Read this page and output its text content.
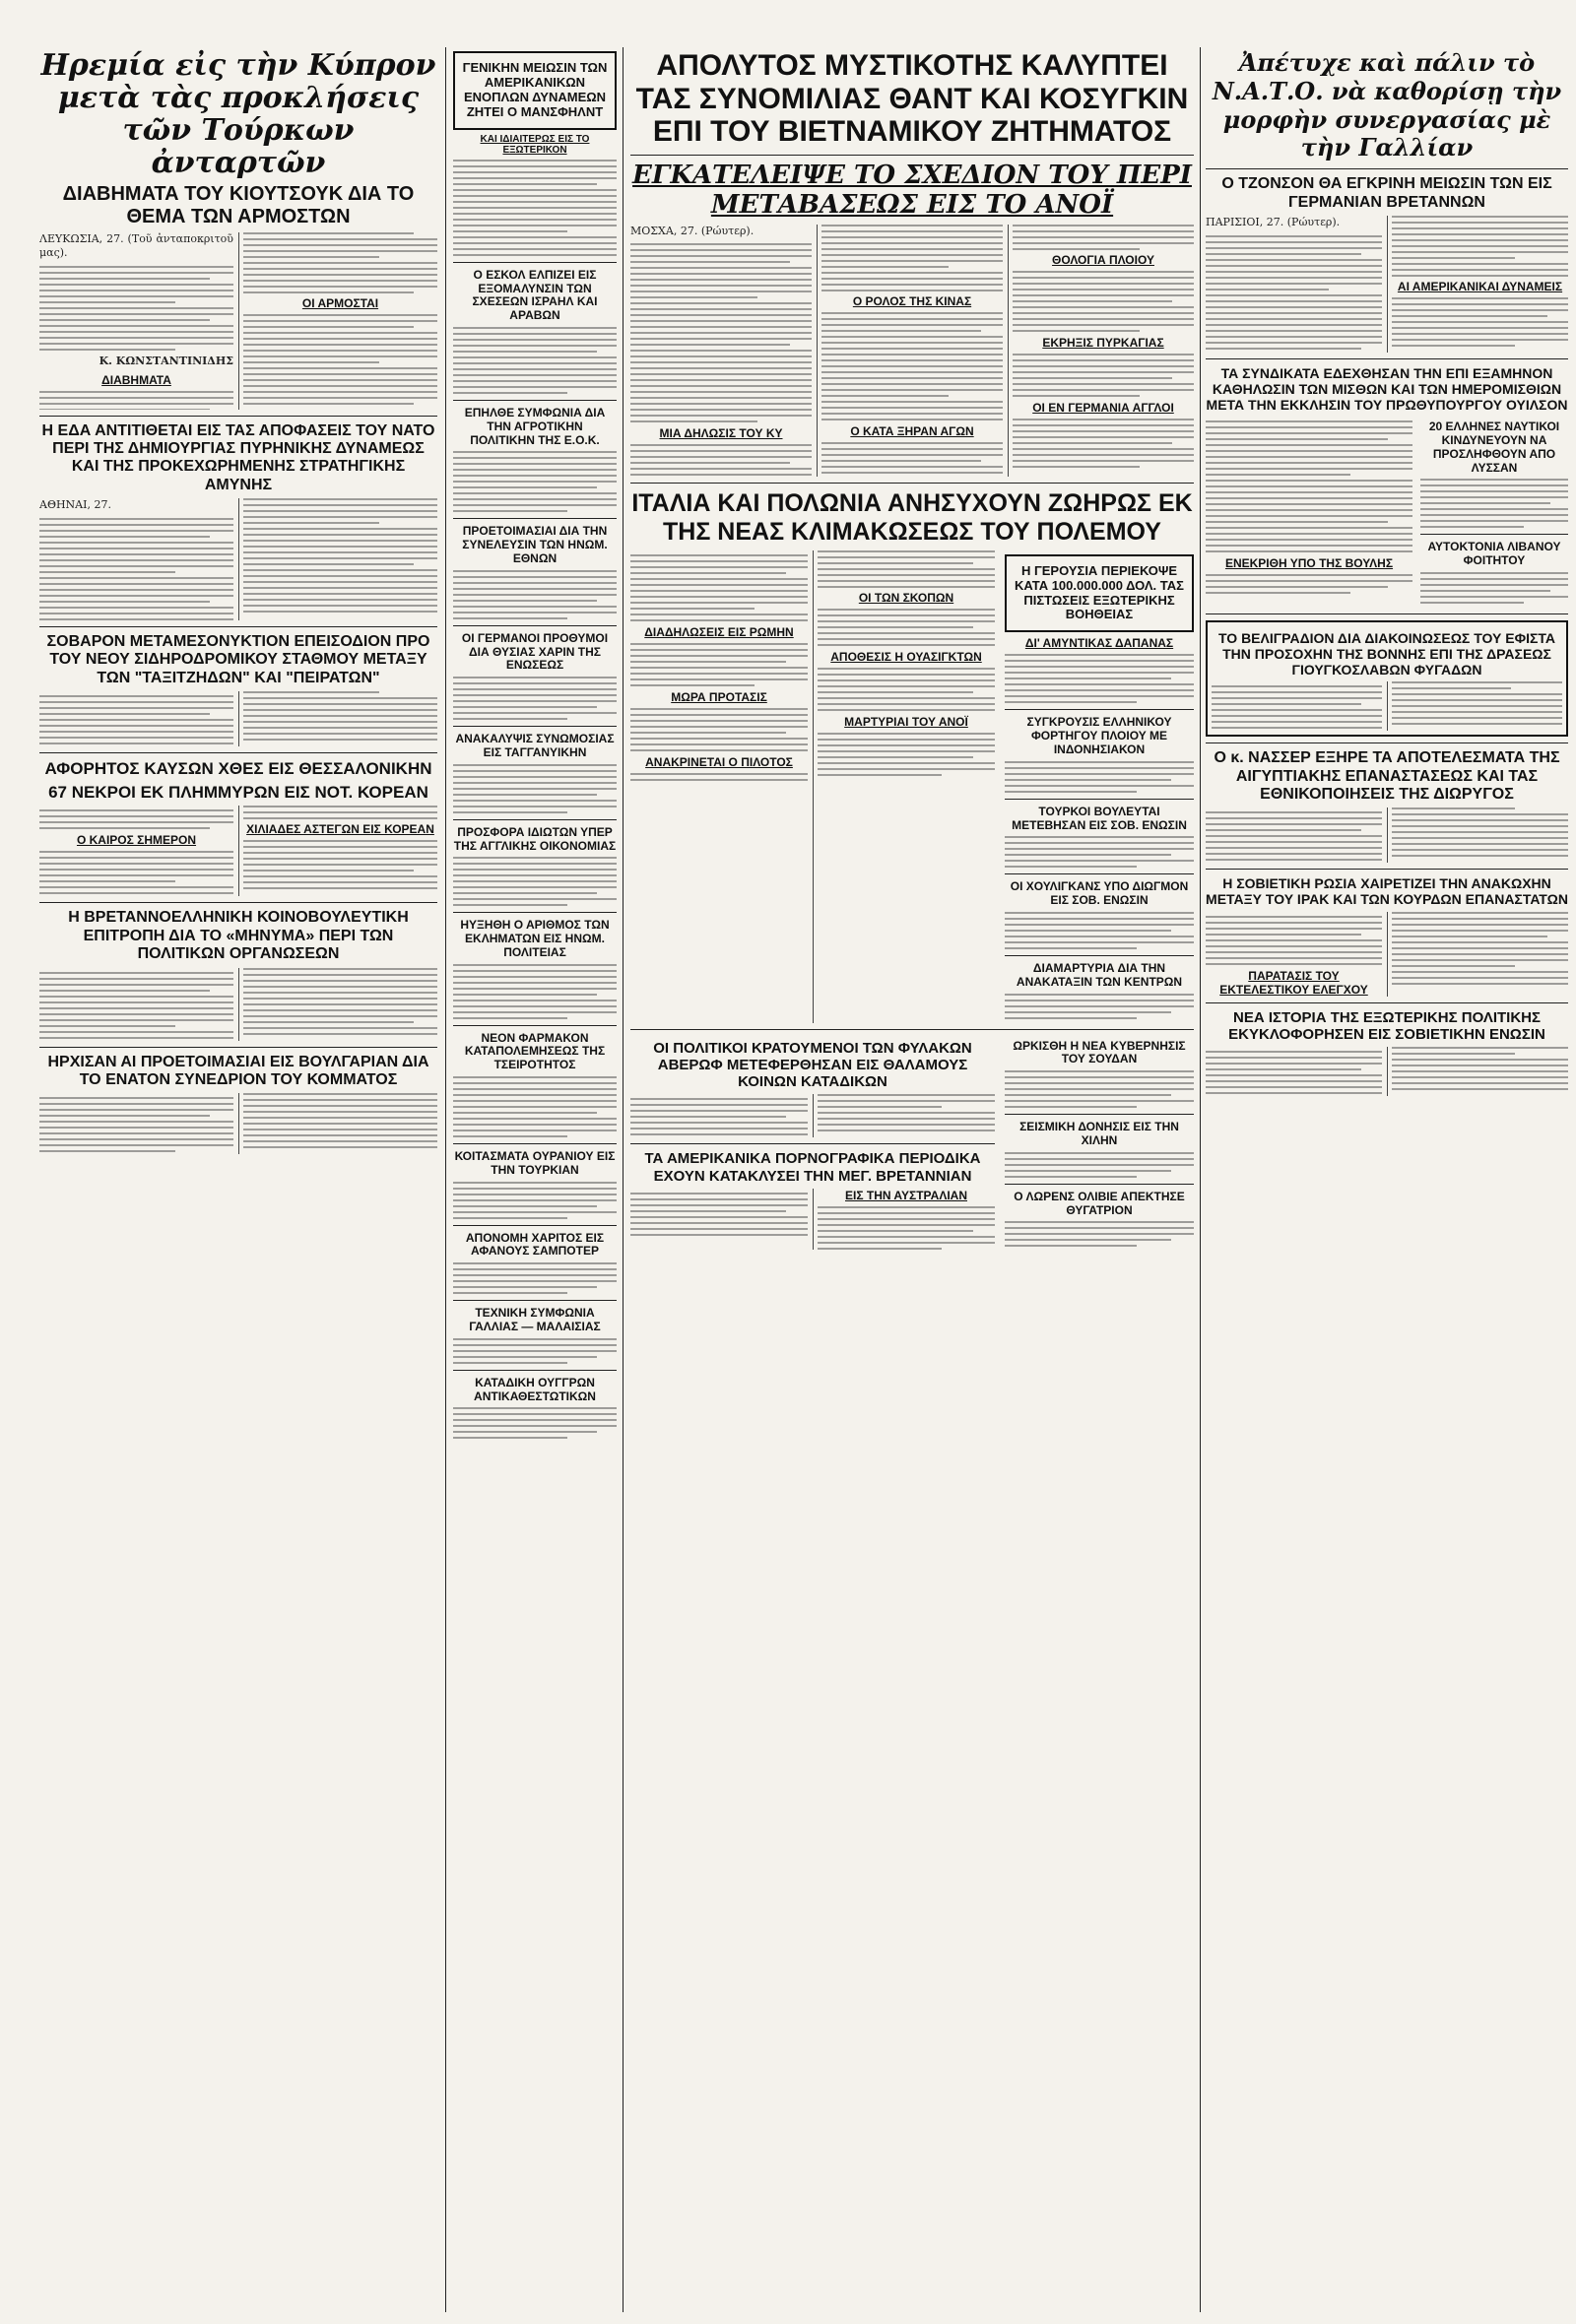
Ηρεμία εἰς τὴν Κύπρον μετὰ τὰς προκλήσεις τῶν Τούρκων ἀνταρτῶν
ΔΙΑΒΗΜΑΤΑ ΤΟΥ ΚΙΟΥΤΣΟΥΚ ΔΙΑ ΤΟ ΘΕΜΑ ΤΩΝ ΑΡΜΟΣΤΩΝ
ΛΕΥΚΩΣΙΑ, 27. (Τοῦ ἀνταποκριτοῦ μας).
Κ. ΚΩΝΣΤΑΝΤΙΝΙΔΗΣ
ΔΙΑΒΗΜΑΤΑ
ΟΙ ΑΡΜΟΣΤΑΙ
Η ΕΔΑ ΑΝΤΙΤΙΘΕΤΑΙ ΕΙΣ ΤΑΣ ΑΠΟΦΑΣΕΙΣ ΤΟΥ ΝΑΤΟ ΠΕΡΙ ΤΗΣ ΔΗΜΙΟΥΡΓΙΑΣ ΠΥΡΗΝΙΚΗΣ ΔΥΝΑΜΕΩΣ ΚΑΙ ΤΗΣ ΠΡΟΚΕΧΩΡΗΜΕΝΗΣ ΣΤΡΑΤΗΓΙΚΗΣ ΑΜΥΝΗΣ
ΑΘΗΝΑΙ, 27.
ΣΟΒΑΡΟΝ ΜΕΤΑΜΕΣΟΝΥΚΤΙΟΝ ΕΠΕΙΣΟΔΙΟΝ ΠΡΟ ΤΟΥ ΝΕΟΥ ΣΙΔΗΡΟΔΡΟΜΙΚΟΥ ΣΤΑΘΜΟΥ ΜΕΤΑΞΥ ΤΩΝ "ΤΑΞΙΤΖΗΔΩΝ" ΚΑΙ "ΠΕΙΡΑΤΩΝ"
ΑΦΟΡΗΤΟΣ ΚΑΥΣΩΝ ΧΘΕΣ ΕΙΣ ΘΕΣΣΑΛΟΝΙΚΗΝ
67 ΝΕΚΡΟΙ ΕΚ ΠΛΗΜΜΥΡΩΝ ΕΙΣ ΝΟΤ. ΚΟΡΕΑΝ
Ο ΚΑΙΡΟΣ ΣΗΜΕΡΟΝ
ΧΙΛΙΑΔΕΣ ΑΣΤΕΓΩΝ ΕΙΣ ΚΟΡΕΑΝ
Η ΒΡΕΤΑΝΝΟΕΛΛΗΝΙΚΗ ΚΟΙΝΟΒΟΥΛΕΥΤΙΚΗ ΕΠΙΤΡΟΠΗ ΔΙΑ ΤΟ «ΜΗΝΥΜΑ» ΠΕΡΙ ΤΩΝ ΠΟΛΙΤΙΚΩΝ ΟΡΓΑΝΩΣΕΩΝ
ΗΡΧΙΣΑΝ ΑΙ ΠΡΟΕΤΟΙΜΑΣΙΑΙ ΕΙΣ ΒΟΥΛΓΑΡΙΑΝ ΔΙΑ ΤΟ ΕΝΑΤΟΝ ΣΥΝΕΔΡΙΟΝ ΤΟΥ ΚΟΜΜΑΤΟΣ
ΓΕΝΙΚΗΝ ΜΕΙΩΣΙΝ ΤΩΝ ΑΜΕΡΙΚΑΝΙΚΩΝ ΕΝΟΠΛΩΝ ΔΥΝΑΜΕΩΝ ΖΗΤΕΙ Ο ΜΑΝΣΦΗΛΝΤ
ΚΑΙ ΙΔΙΑΙΤΕΡΩΣ ΕΙΣ ΤΟ ΕΞΩΤΕΡΙΚΟΝ
Ο ΕΣΚΟΛ ΕΛΠΙΖΕΙ ΕΙΣ ΕΞΟΜΑΛΥΝΣΙΝ ΤΩΝ ΣΧΕΣΕΩΝ ΙΣΡΑΗΛ ΚΑΙ ΑΡΑΒΩΝ
ΕΠΗΛΘΕ ΣΥΜΦΩΝΙΑ ΔΙΑ ΤΗΝ ΑΓΡΟΤΙΚΗΝ ΠΟΛΙΤΙΚΗΝ ΤΗΣ Ε.Ο.Κ.
ΠΡΟΕΤΟΙΜΑΣΙΑΙ ΔΙΑ ΤΗΝ ΣΥΝΕΛΕΥΣΙΝ ΤΩΝ ΗΝΩΜ. ΕΘΝΩΝ
ΟΙ ΓΕΡΜΑΝΟΙ ΠΡΟΘΥΜΟΙ ΔΙΑ ΘΥΣΙΑΣ ΧΑΡΙΝ ΤΗΣ ΕΝΩΣΕΩΣ
ΑΝΑΚΑΛΥΨΙΣ ΣΥΝΩΜΟΣΙΑΣ ΕΙΣ ΤΑΓΓΑΝΥΙΚΗΝ
ΠΡΟΣΦΟΡΑ ΙΔΙΩΤΩΝ ΥΠΕΡ ΤΗΣ ΑΓΓΛΙΚΗΣ ΟΙΚΟΝΟΜΙΑΣ
ΗΥΞΗΘΗ Ο ΑΡΙΘΜΟΣ ΤΩΝ ΕΚΛΗΜΑΤΩΝ ΕΙΣ ΗΝΩΜ. ΠΟΛΙΤΕΙΑΣ
ΝΕΟΝ ΦΑΡΜΑΚΟΝ ΚΑΤΑΠΟΛΕΜΗΣΕΩΣ ΤΗΣ ΤΣΕΙΡΟΤΗΤΟΣ
ΚΟΙΤΑΣΜΑΤΑ ΟΥΡΑΝΙΟΥ ΕΙΣ ΤΗΝ ΤΟΥΡΚΙΑΝ
ΑΠΟΝΟΜΗ ΧΑΡΙΤΟΣ ΕΙΣ ΑΦΑΝΟΥΣ ΣΑΜΠΟΤΕΡ
ΤΕΧΝΙΚΗ ΣΥΜΦΩΝΙΑ ΓΑΛΛΙΑΣ — ΜΑΛΑΙΣΙΑΣ
ΚΑΤΑΔΙΚΗ ΟΥΓΓΡΩΝ ΑΝΤΙΚΑΘΕΣΤΩΤΙΚΩΝ
ΑΠΟΛΥΤΟΣ ΜΥΣΤΙΚΟΤΗΣ ΚΑΛΥΠΤΕΙ ΤΑΣ ΣΥΝΟΜΙΛΙΑΣ ΘΑΝΤ ΚΑΙ ΚΟΣΥΓΚΙΝ ΕΠΙ ΤΟΥ ΒΙΕΤΝΑΜΙΚΟΥ ΖΗΤΗΜΑΤΟΣ
ΕΓΚΑΤΕΛΕΙΨΕ ΤΟ ΣΧΕΔΙΟΝ ΤΟΥ ΠΕΡΙ ΜΕΤΑΒΑΣΕΩΣ ΕΙΣ ΤΟ ΑΝΟΪ
ΜΟΣΧΑ, 27. (Ρώυτερ).
ΜΙΑ ΔΗΛΩΣΙΣ ΤΟΥ ΚΥ
Ο ΡΟΛΟΣ ΤΗΣ ΚΙΝΑΣ
Ο ΚΑΤΑ ΞΗΡΑΝ ΑΓΩΝ
ΘΟΛΟΓΙΑ ΠΛΟΙΟΥ
ΕΚΡΗΞΙΣ ΠΥΡΚΑΓΙΑΣ
ΟΙ ΕΝ ΓΕΡΜΑΝΙΑ ΑΓΓΛΟΙ
ΙΤΑΛΙΑ ΚΑΙ ΠΟΛΩΝΙΑ ΑΝΗΣΥΧΟΥΝ ΖΩΗΡΩΣ ΕΚ ΤΗΣ ΝΕΑΣ ΚΛΙΜΑΚΩΣΕΩΣ ΤΟΥ ΠΟΛΕΜΟΥ
ΔΙΑΔΗΛΩΣΕΙΣ ΕΙΣ ΡΩΜΗΝ
ΜΩΡΑ ΠΡΟΤΑΣΙΣ
ΑΝΑΚΡΙΝΕΤΑΙ Ο ΠΙΛΟΤΟΣ
ΟΙ ΤΩΝ ΣΚΟΠΩΝ
ΑΠΟΘΕΣΙΣ Η ΟΥΑΣΙΓΚΤΩΝ
ΜΑΡΤΥΡΙΑΙ ΤΟΥ ΑΝΟΪ
Η ΓΕΡΟΥΣΙΑ ΠΕΡΙΕΚΟΨΕ ΚΑΤΑ 100.000.000 ΔΟΛ. ΤΑΣ ΠΙΣΤΩΣΕΙΣ ΕΞΩΤΕΡΙΚΗΣ ΒΟΗΘΕΙΑΣ
ΔΙ' ΑΜΥΝΤΙΚΑΣ ΔΑΠΑΝΑΣ
ΣΥΓΚΡΟΥΣΙΣ ΕΛΛΗΝΙΚΟΥ ΦΟΡΤΗΓΟΥ ΠΛΟΙΟΥ ΜΕ ΙΝΔΟΝΗΣΙΑΚΟΝ
ΤΟΥΡΚΟΙ ΒΟΥΛΕΥΤΑΙ ΜΕΤΕΒΗΣΑΝ ΕΙΣ ΣΟΒ. ΕΝΩΣΙΝ
ΟΙ ΧΟΥΛΙΓΚΑΝΣ ΥΠΟ ΔΙΩΓΜΟΝ ΕΙΣ ΣΟΒ. ΕΝΩΣΙΝ
ΔΙΑΜΑΡΤΥΡΙΑ ΔΙΑ ΤΗΝ ΑΝΑΚΑΤΑΞΙΝ ΤΩΝ ΚΕΝΤΡΩΝ
ΟΙ ΠΟΛΙΤΙΚΟΙ ΚΡΑΤΟΥΜΕΝΟΙ ΤΩΝ ΦΥΛΑΚΩΝ ΑΒΕΡΩΦ ΜΕΤΕΦΕΡΘΗΣΑΝ ΕΙΣ ΘΑΛΑΜΟΥΣ ΚΟΙΝΩΝ ΚΑΤΑΔΙΚΩΝ
ΤΑ ΑΜΕΡΙΚΑΝΙΚΑ ΠΟΡΝΟΓΡΑΦΙΚΑ ΠΕΡΙΟΔΙΚΑ ΕΧΟΥΝ ΚΑΤΑΚΛΥΣΕΙ ΤΗΝ ΜΕΓ. ΒΡΕΤΑΝΝΙΑΝ
ΕΙΣ ΤΗΝ ΑΥΣΤΡΑΛΙΑΝ
ΩΡΚΙΣΘΗ Η ΝΕΑ ΚΥΒΕΡΝΗΣΙΣ ΤΟΥ ΣΟΥΔΑΝ
ΣΕΙΣΜΙΚΗ ΔΟΝΗΣΙΣ ΕΙΣ ΤΗΝ ΧΙΛΗΝ
Ο ΛΩΡΕΝΣ ΟΛΙΒΙΕ ΑΠΕΚΤΗΣΕ ΘΥΓΑΤΡΙΟΝ
Ἀπέτυχε καὶ πάλιν τὸ Ν.Α.Τ.Ο. νὰ καθορίσῃ τὴν μορφὴν συνεργασίας μὲ τὴν Γαλλίαν
Ο ΤΖΟΝΣΟΝ ΘΑ ΕΓΚΡΙΝΗ ΜΕΙΩΣΙΝ ΤΩΝ ΕΙΣ ΓΕΡΜΑΝΙΑΝ ΒΡΕΤΑΝΝΩΝ
ΠΑΡΙΣΙΟΙ, 27. (Ρώυτερ).
ΑΙ ΑΜΕΡΙΚΑΝΙΚΑΙ ΔΥΝΑΜΕΙΣ
ΤΑ ΣΥΝΔΙΚΑΤΑ ΕΔΕΧΘΗΣΑΝ ΤΗΝ ΕΠΙ ΕΞΑΜΗΝΟΝ ΚΑΘΗΛΩΣΙΝ ΤΩΝ ΜΙΣΘΩΝ ΚΑΙ ΤΩΝ ΗΜΕΡΟΜΙΣΘΙΩΝ ΜΕΤΑ ΤΗΝ ΕΚΚΛΗΣΙΝ ΤΟΥ ΠΡΩΘΥΠΟΥΡΓΟΥ ΟΥΙΛΣΟΝ
ΕΝΕΚΡΙΘΗ ΥΠΟ ΤΗΣ ΒΟΥΛΗΣ
20 ΕΛΛΗΝΕΣ ΝΑΥΤΙΚΟΙ ΚΙΝΔΥΝΕΥΟΥΝ ΝΑ ΠΡΟΣΛΗΦΘΟΥΝ ΑΠΟ ΛΥΣΣΑΝ
ΑΥΤΟΚΤΟΝΙΑ ΛΙΒΑΝΟΥ ΦΟΙΤΗΤΟΥ
ΤΟ ΒΕΛΙΓΡΑΔΙΟΝ ΔΙΑ ΔΙΑΚΟΙΝΩΣΕΩΣ ΤΟΥ ΕΦΙΣΤΑ ΤΗΝ ΠΡΟΣΟΧΗΝ ΤΗΣ ΒΟΝΝΗΣ ΕΠΙ ΤΗΣ ΔΡΑΣΕΩΣ ΓΙΟΥΓΚΟΣΛΑΒΩΝ ΦΥΓΑΔΩΝ
Ο κ. ΝΑΣΣΕΡ ΕΞΗΡΕ ΤΑ ΑΠΟΤΕΛΕΣΜΑΤΑ ΤΗΣ ΑΙΓΥΠΤΙΑΚΗΣ ΕΠΑΝΑΣΤΑΣΕΩΣ ΚΑΙ ΤΑΣ ΕΘΝΙΚΟΠΟΙΗΣΕΙΣ ΤΗΣ ΔΙΩΡΥΓΟΣ
Η ΣΟΒΙΕΤΙΚΗ ΡΩΣΙΑ ΧΑΙΡΕΤΙΖΕΙ ΤΗΝ ΑΝΑΚΩΧΗΝ ΜΕΤΑΞΥ ΤΟΥ ΙΡΑΚ ΚΑΙ ΤΩΝ ΚΟΥΡΔΩΝ ΕΠΑΝΑΣΤΑΤΩΝ
ΠΑΡΑΤΑΣΙΣ ΤΟΥ ΕΚΤΕΛΕΣΤΙΚΟΥ ΕΛΕΓΧΟΥ
ΝΕΑ ΙΣΤΟΡΙΑ ΤΗΣ ΕΞΩΤΕΡΙΚΗΣ ΠΟΛΙΤΙΚΗΣ ΕΚΥΚΛΟΦΟΡΗΣΕΝ ΕΙΣ ΣΟΒΙΕΤΙΚΗΝ ΕΝΩΣΙΝ
